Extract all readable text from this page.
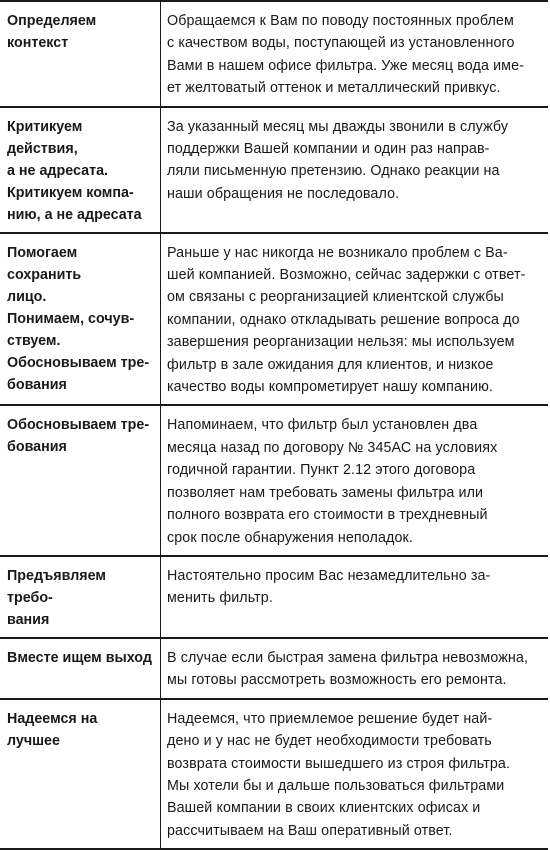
Определяем контекст
Обращаемся к Вам по поводу постоянных проблем
с качеством воды, поступающей из установленного
Вами в нашем офисе фильтра. Уже месяц вода име-
ет желтоватый оттенок и металлический привкус.
Критикуем действия,
а не адресата.
Критикуем компа-
нию, а не адресата
За указанный месяц мы дважды звонили в службу
поддержки Вашей компании и один раз направ-
ляли письменную претензию. Однако реакции на
наши обращения не последовало.
Помогаем сохранить
лицо.
Понимаем, сочув-
ствуем.
Обосновываем тре-
бования
Раньше у нас никогда не возникало проблем с Ва-
шей компанией. Возможно, сейчас задержки с ответ-
ом связаны с реорганизацией клиентской службы
компании, однако откладывать решение вопроса до
завершения реорганизации нельзя: мы используем
фильтр в зале ожидания для клиентов, и низкое
качество воды компрометирует нашу компанию.
Обосновываем тре-
бования
Напоминаем, что фильтр был установлен два
месяца назад по договору № 345АС на условиях
годичной гарантии. Пункт 2.12 этого договора
позволяет нам требовать замены фильтра или
полного возврата его стоимости в трехдневный
срок после обнаружения неполадок.
Предъявляем требо-
вания
Настоятельно просим Вас незамедлительно за-
менить фильтр.
Вместе ищем выход	В случае если быстрая замена фильтра невозможна,
мы готовы рассмотреть возможность его ремонта.
Надеемся на лучшее
Надеемся, что приемлемое решение будет най-
дено и у нас не будет необходимости требовать
возврата стоимости вышедшего из строя фильтра.
Мы хотели бы и дальше пользоваться фильтрами
Вашей компании в своих клиентских офисах и
рассчитываем на Ваш оперативный ответ.
